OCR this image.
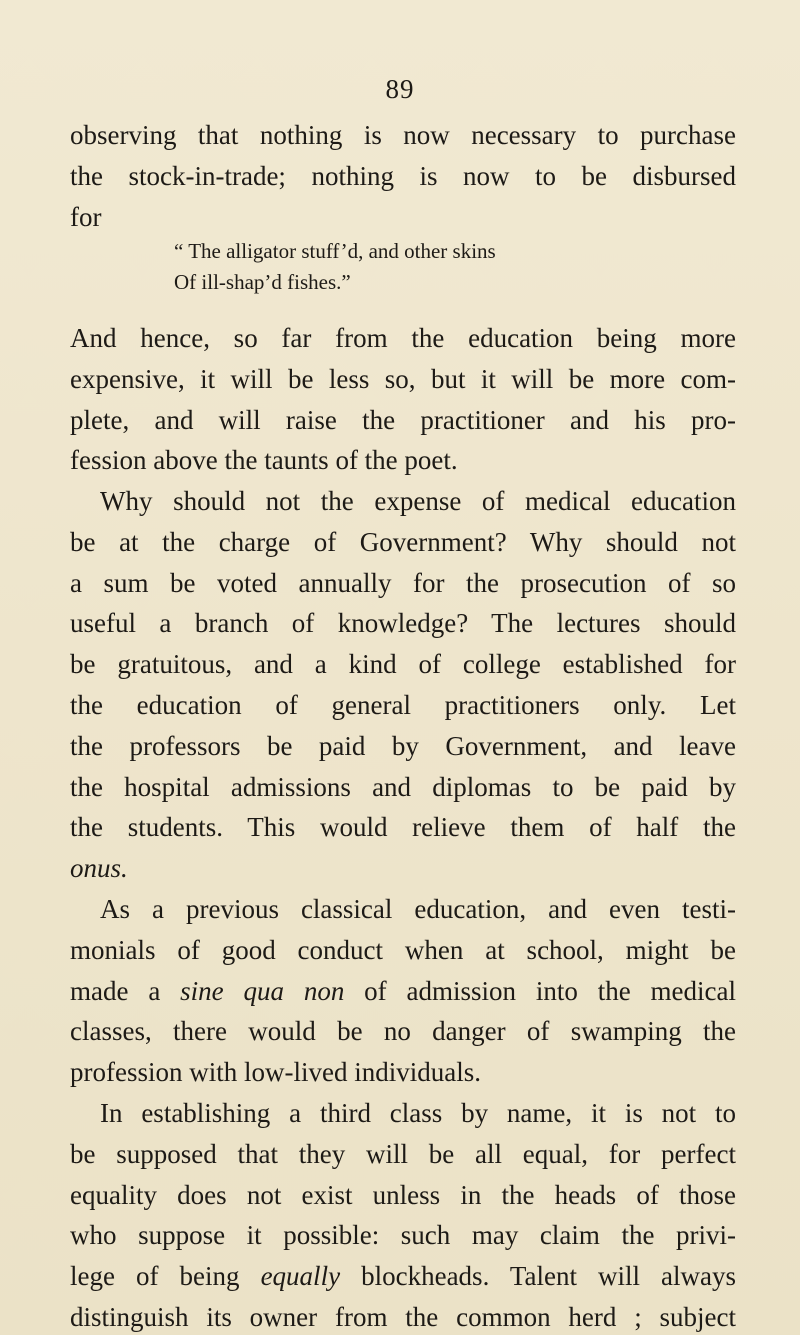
89
observing that nothing is now necessary to purchase
the stock-in-trade; nothing is now to be disbursed
for
“ The alligator stuff’d, and other skins
Of ill-shap’d fishes.”
And hence, so far from the education being more
expensive, it will be less so, but it will be more com-
plete, and will raise the practitioner and his pro-
fession above the taunts of the poet.
Why should not the expense of medical education
be at the charge of Government? Why should not
a sum be voted annually for the prosecution of so
useful a branch of knowledge? The lectures should
be gratuitous, and a kind of college established for
the education of general practitioners only. Let
the professors be paid by Government, and leave
the hospital admissions and diplomas to be paid by
the students. This would relieve them of half the
onus.
As a previous classical education, and even testi-
monials of good conduct when at school, might be
made a sine qua non of admission into the medical
classes, there would be no danger of swamping the
profession with low-lived individuals.
In establishing a third class by name, it is not to
be supposed that they will be all equal, for perfect
equality does not exist unless in the heads of those
who suppose it possible: such may claim the privi-
lege of being equally blockheads. Talent will always
distinguish its owner from the common herd ; subject
